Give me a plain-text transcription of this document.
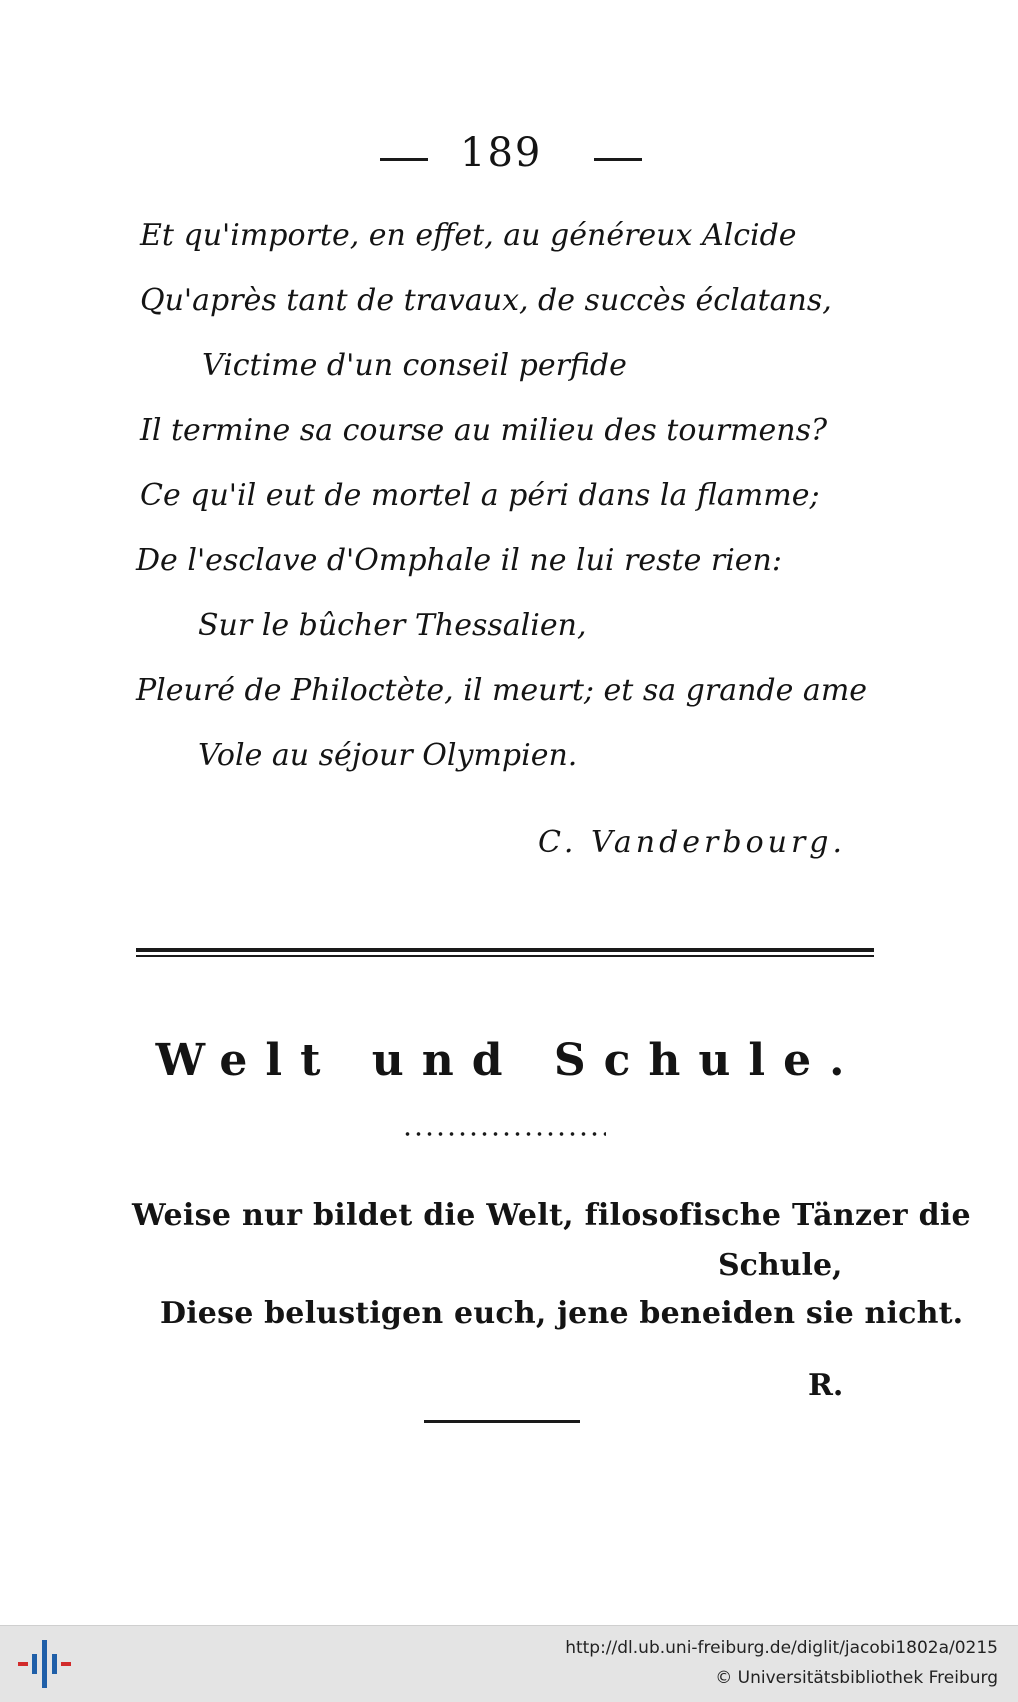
189
Et qu'importe, en effet, au généreux Alcide
Qu'après tant de travaux, de succès éclatans,
Victime d'un conseil perfide
Il termine sa course au milieu des tourmens?
Ce qu'il eut de mortel a péri dans la flamme;
De l'esclave d'Omphale il ne lui reste rien:
Sur le bûcher Thessalien,
Pleuré de Philoctète, il meurt; et sa grande ame
Vole au séjour Olympien.
C. Vanderbourg.
Welt und Schule.
Weise nur bildet die Welt, filosofische Tänzer die
Schule,
Diese belustigen euch, jene beneiden sie nicht.
R.
http://dl.ub.uni-freiburg.de/diglit/jacobi1802a/0215
© Universitätsbibliothek Freiburg
